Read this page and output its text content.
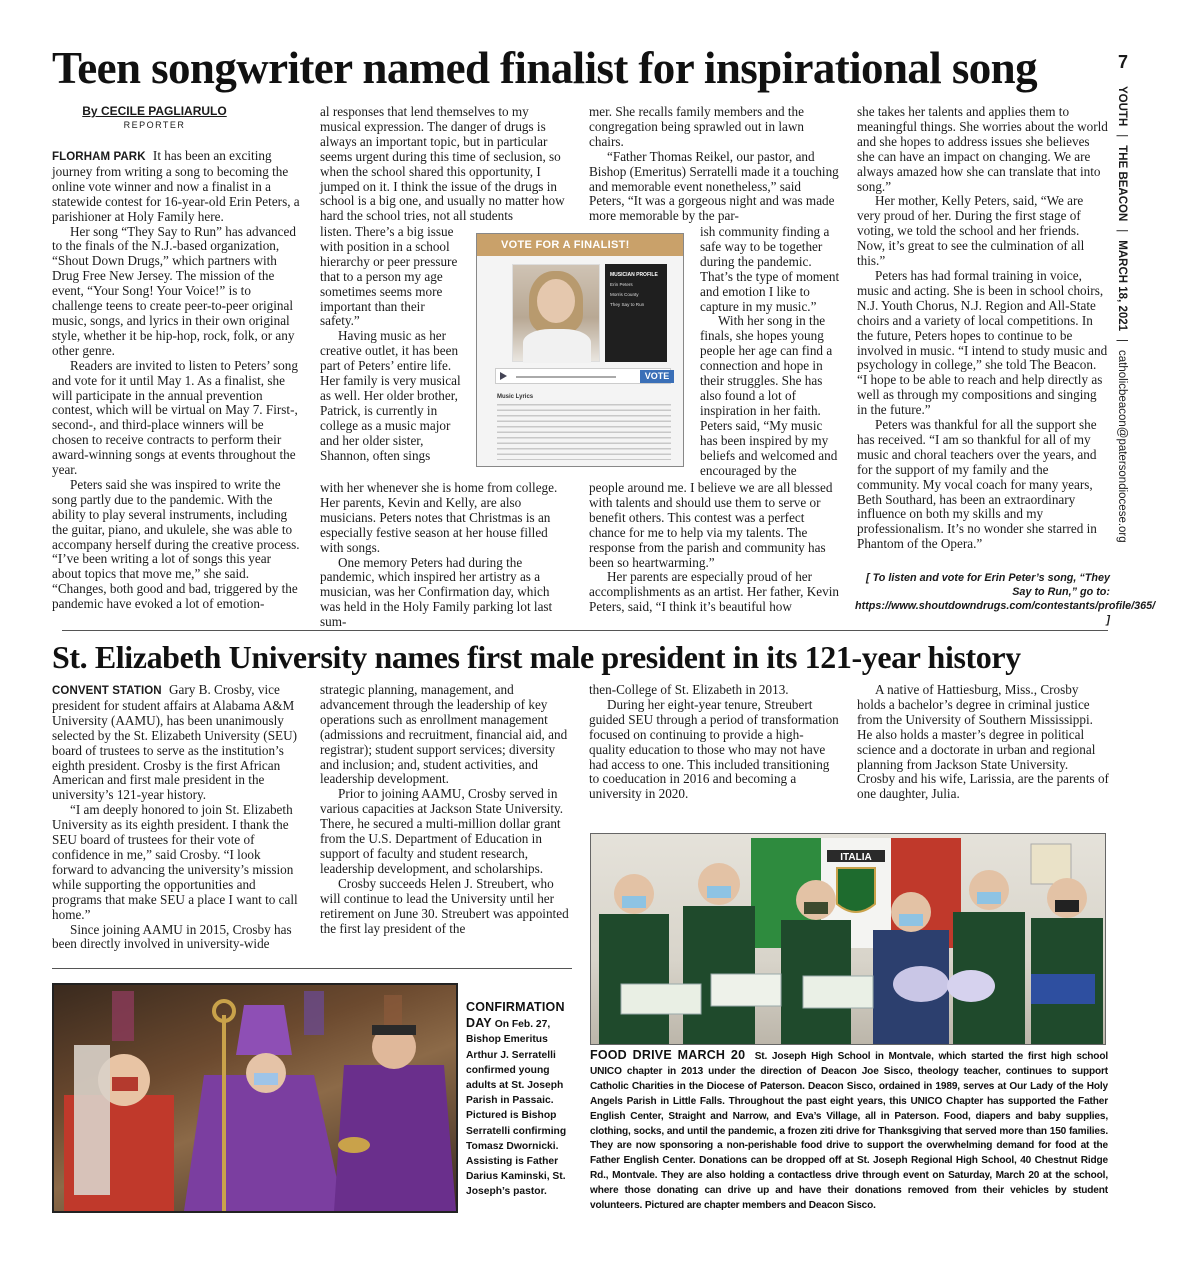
Teen songwriter named finalist for inspirational song
By CECILE PAGLIARULO
REPORTER

FLORHAM PARK It has been an exciting journey from writing a song to becoming the online vote winner and now a finalist in a statewide contest for 16-year-old Erin Peters, a parishioner at Holy Family here.

Her song “They Say to Run” has advanced to the finals of the N.J.-based organization, “Shout Down Drugs,” which partners with Drug Free New Jersey. The mission of the event, “Your Song! Your Voice!” is to challenge teens to create peer-to-peer original music, songs, and lyrics in their own original style, whether it be hip-hop, rock, folk, or any other genre.

Readers are invited to listen to Peters’ song and vote for it until May 1. As a finalist, she will participate in the annual prevention contest, which will be virtual on May 7. First-, second-, and third-place winners will be chosen to receive contracts to perform their award-winning songs at events throughout the year.

Peters said she was inspired to write the song partly due to the pandemic. With the ability to play several instruments, including the guitar, piano, and ukulele, she was able to accompany herself during the creative process. “I’ve been writing a lot of songs this year about topics that move me,” she said. “Changes, both good and bad, triggered by the pandemic have evoked a lot of emotion-

al responses that lend themselves to my musical expression. The danger of drugs is always an important topic, but in particular seems urgent during this time of seclusion, so when the school shared this opportunity, I jumped on it. I think the issue of the drugs in school is a big one, and usually no matter how hard the school tries, not all students

listen. There’s a big issue with position in a school hierarchy or peer pressure that to a person my age sometimes seems more important than their safety.”

Having music as her creative outlet, it has been part of Peters’ entire life. Her family is very musical as well. Her older brother, Patrick, is currently in college as a music major and her older sister, Shannon, often sings

with her whenever she is home from college. Her parents, Kevin and Kelly, are also musicians. Peters notes that Christmas is an especially festive season at her house filled with songs.

One memory Peters had during the pandemic, which inspired her artistry as a musician, was her Confirmation day, which was held in the Holy Family parking lot last sum-

VOTE FOR A FINALIST!
MUSICIAN PROFILE
Erin Peters
Morris County
They Say to Run
VOTE
Music Lyrics

mer. She recalls family members and the congregation being sprawled out in lawn chairs.

“Father Thomas Reikel, our pastor, and Bishop (Emeritus) Serratelli made it a touching and memorable event nonetheless,” said Peters, “It was a gorgeous night and was made more memorable by the par-

ish community finding a safe way to be together during the pandemic. That’s the type of moment and emotion I like to capture in my music.”

With her song in the finals, she hopes young people her age can find a connection and hope in their struggles. She has also found a lot of inspiration in her faith. Peters said, “My music has been inspired by my beliefs and welcomed and encouraged by the

people around me. I believe we are all blessed with talents and should use them to serve or benefit others. This contest was a perfect chance for me to help via my talents. The response from the parish and community has been so heartwarming.”

Her parents are especially proud of her accomplishments as an artist. Her father, Kevin Peters, said, “I think it’s beautiful how

she takes her talents and applies them to meaningful things. She worries about the world and she hopes to address issues she believes she can have an impact on changing. We are always amazed how she can translate that into song.”

Her mother, Kelly Peters, said, “We are very proud of her. During the first stage of voting, we told the school and her friends. Now, it’s great to see the culmination of all this.”

Peters has had formal training in voice, music and acting. She is been in school choirs, N.J. Youth Chorus, N.J. Region and All-State choirs and a variety of local competitions. In the future, Peters hopes to continue to be involved in music. “I intend to study music and psychology in college,” she told The Beacon. “I hope to be able to reach and help directly as well as through my compositions and singing in the future.”

Peters was thankful for all the support she has received. “I am so thankful for all of my music and choral teachers over the years, and for the support of my family and the community. My vocal coach for many years, Beth Southard, has been an extraordinary influence on both my skills and my professionalism. It’s no wonder she starred in Phantom of the Opera.”

[ To listen and vote for Erin Peter’s song, “They Say to Run,” go to: https://www.shoutdowndrugs.com/contestants/profile/365/ ]
7
YOUTH|THE BEACON|MARCH 18, 2021|catholicbeacon@patersondiocese.org
St. Elizabeth University names first male president in its 121-year history

CONVENT STATION Gary B. Crosby, vice president for student affairs at Alabama A&M University (AAMU), has been unanimously selected by the St. Elizabeth University (SEU) board of trustees to serve as the institution’s eighth president. Crosby is the first African American and first male president in the university’s 121-year history.

“I am deeply honored to join St. Elizabeth University as its eighth president. I thank the SEU board of trustees for their vote of confidence in me,” said Crosby. “I look forward to advancing the university’s mission while supporting the opportunities and programs that make SEU a place I want to call home.”

Since joining AAMU in 2015, Crosby has been directly involved in university-wide

strategic planning, management, and advancement through the leadership of key operations such as enrollment management (admissions and recruitment, financial aid, and registrar); student support services; diversity and inclusion; and, student activities, and leadership development.

Prior to joining AAMU, Crosby served in various capacities at Jackson State University. There, he secured a multi-million dollar grant from the U.S. Department of Education in support of faculty and student research, leadership development, and scholarships.

Crosby succeeds Helen J. Streubert, who will continue to lead the University until her retirement on June 30. Streubert was appointed the first lay president of the

then-College of St. Elizabeth in 2013.

During her eight-year tenure, Streubert guided SEU through a period of transformation focused on continuing to provide a high-quality education to those who may not have had access to one. This included transitioning to coeducation in 2016 and becoming a university in 2020.

A native of Hattiesburg, Miss., Crosby holds a bachelor’s degree in criminal justice from the University of Southern Mississippi. He also holds a master’s degree in political science and a doctorate in urban and regional planning from Jackson State University. Crosby and his wife, Larissia, are the parents of one daughter, Julia.

CONFIRMATION DAY On Feb. 27, Bishop Emeritus Arthur J. Serratelli confirmed young adults at St. Joseph Parish in Passaic. Pictured is Bishop Serratelli confirming Tomasz Dwornicki. Assisting is Father Darius Kaminski, St. Joseph’s pastor.
ITALIA
FOOD DRIVE MARCH 20 St. Joseph High School in Montvale, which started the first high school UNICO chapter in 2013 under the direction of Deacon Joe Sisco, theology teacher, continues to support Catholic Charities in the Diocese of Paterson. Deacon Sisco, ordained in 1989, serves at Our Lady of the Holy Angels Parish in Little Falls. Throughout the past eight years, this UNICO Chapter has supported the Father English Center, Straight and Narrow, and Eva’s Village, all in Paterson. Food, diapers and baby supplies, clothing, socks, and until the pandemic, a frozen ziti drive for Thanksgiving that served more than 150 families. They are now sponsoring a non-perishable food drive to support the overwhelming demand for food at the Father English Center. Donations can be dropped off at St. Joseph Regional High School, 40 Chestnut Ridge Rd., Montvale. They are also holding a contactless drive through event on Saturday, March 20 at the school, where those donating can drive up and have their donations removed from their vehicles by student volunteers. Pictured are chapter members and Deacon Sisco.
